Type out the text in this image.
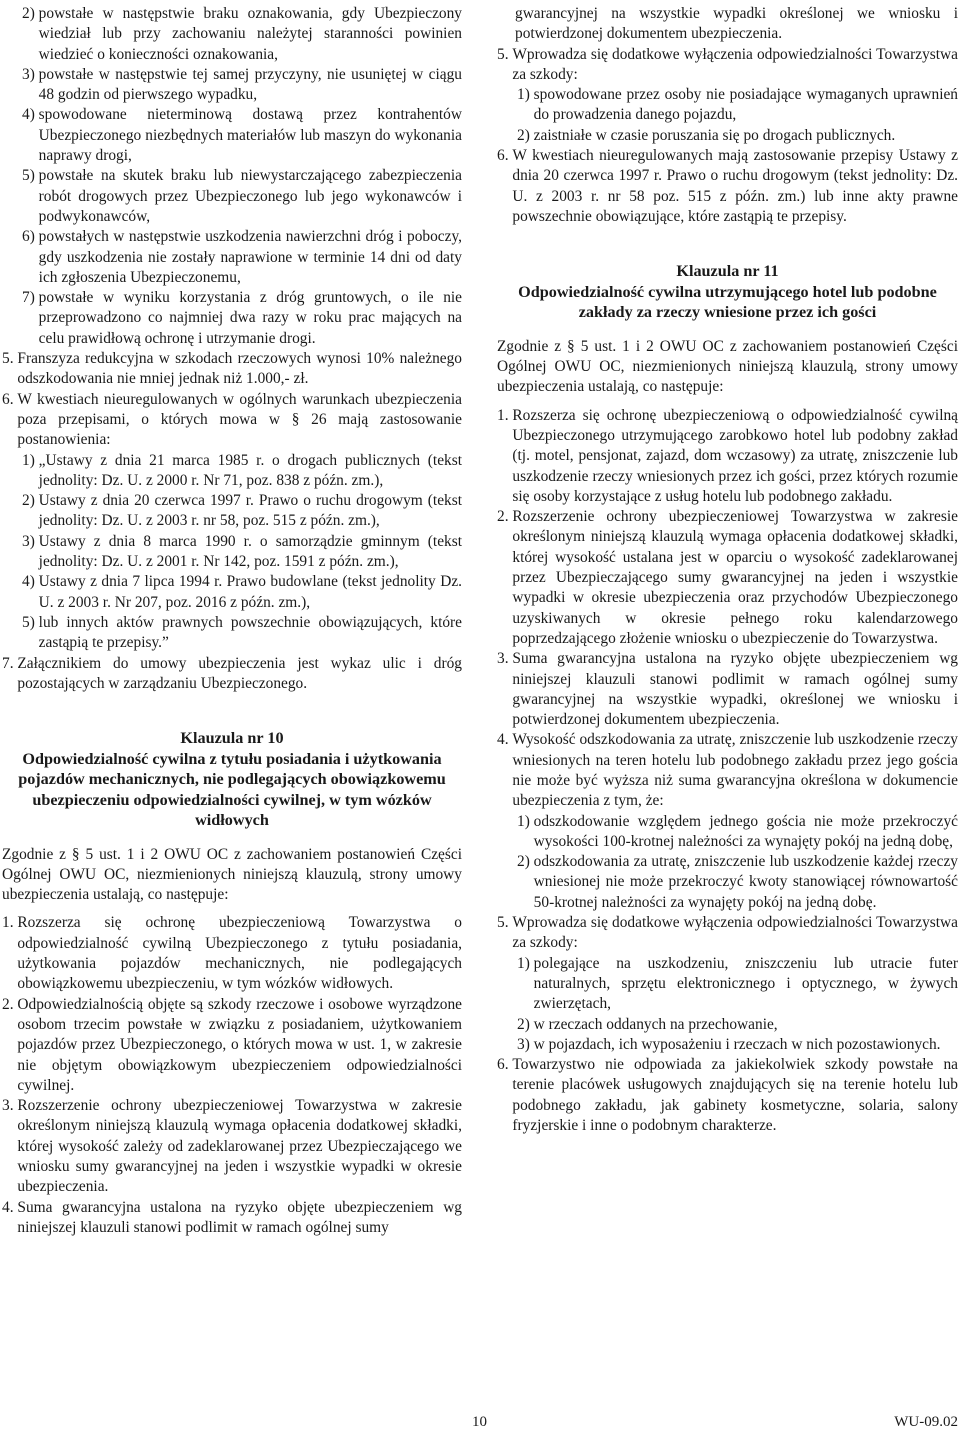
2) powstałe w następstwie braku oznakowania, gdy Ubezpieczony wiedział lub przy zachowaniu należytej staranności powinien wiedzieć o konieczności oznakowania,
3) powstałe w następstwie tej samej przyczyny, nie usuniętej w ciągu 48 godzin od pierwszego wypadku,
4) spowodowane nieterminową dostawą przez kontrahentów Ubezpieczonego niezbędnych materiałów lub maszyn do wykonania naprawy drogi,
5) powstałe na skutek braku lub niewystarczającego zabezpieczenia robót drogowych przez Ubezpieczonego lub jego wykonawców i podwykonawców,
6) powstałych w następstwie uszkodzenia nawierzchni dróg i poboczy, gdy uszkodzenia nie zostały naprawione w terminie 14 dni od daty ich zgłoszenia Ubezpieczonemu,
7) powstałe w wyniku korzystania z dróg gruntowych, o ile nie przeprowadzono co najmniej dwa razy w roku prac mających na celu prawidłową ochronę i utrzymanie drogi.
5. Franszyza redukcyjna w szkodach rzeczowych wynosi 10% należnego odszkodowania nie mniej jednak niż 1.000,- zł.
6. W kwestiach nieuregulowanych w ogólnych warunkach ubezpieczenia poza przepisami, o których mowa w § 26 mają zastosowanie postanowienia:
1) „Ustawy z dnia 21 marca 1985 r. o drogach publicznych (tekst jednolity: Dz. U. z 2000 r. Nr 71, poz. 838 z późn. zm.),
2) Ustawy z dnia 20 czerwca 1997 r. Prawo o ruchu drogowym (tekst jednolity: Dz. U. z 2003 r. nr 58, poz. 515 z późn. zm.),
3) Ustawy z dnia 8 marca 1990 r. o samorządzie gminnym (tekst jednolity: Dz. U. z 2001 r. Nr 142, poz. 1591 z późn. zm.),
4) Ustawy z dnia 7 lipca 1994 r. Prawo budowlane (tekst jednolity Dz. U. z 2003 r. Nr 207, poz. 2016 z późn. zm.),
5) lub innych aktów prawnych powszechnie obowiązujących, które zastąpią te przepisy.”
7. Załącznikiem do umowy ubezpieczenia jest wykaz ulic i dróg pozostających w zarządzaniu Ubezpieczonego.
Klauzula nr 10
Odpowiedzialność cywilna z tytułu posiadania i użytkowania pojazdów mechanicznych, nie podlegających obowiązkowemu ubezpieczeniu odpowiedzialności cywilnej, w tym wózków widłowych
Zgodnie z § 5 ust. 1 i 2 OWU OC z zachowaniem postanowień Części Ogólnej OWU OC, niezmienionych niniejszą klauzulą, strony umowy ubezpieczenia ustalają, co następuje:
1. Rozszerza się ochronę ubezpieczeniową Towarzystwa o odpowiedzialność cywilną Ubezpieczonego z tytułu posiadania, użytkowania pojazdów mechanicznych, nie podlegających obowiązkowemu ubezpieczeniu, w tym wózków widłowych.
2. Odpowiedzialnością objęte są szkody rzeczowe i osobowe wyrządzone osobom trzecim powstałe w związku z posiadaniem, użytkowaniem pojazdów przez Ubezpieczonego, o których mowa w ust. 1, w zakresie nie objętym obowiązkowym ubezpieczeniem odpowiedzialności cywilnej.
3. Rozszerzenie ochrony ubezpieczeniowej Towarzystwa w zakresie określonym niniejszą klauzulą wymaga opłacenia dodatkowej składki, której wysokość zależy od zadeklarowanej przez Ubezpieczającego we wniosku sumy gwarancyjnej na jeden i wszystkie wypadki w okresie ubezpieczenia.
4. Suma gwarancyjna ustalona na ryzyko objęte ubezpieczeniem wg niniejszej klauzuli stanowi podlimit w ramach ogólnej sumy
gwarancyjnej na wszystkie wypadki określonej we wniosku i potwierdzonej dokumentem ubezpieczenia.
5. Wprowadza się dodatkowe wyłączenia odpowiedzialności Towarzystwa za szkody:
1) spowodowane przez osoby nie posiadające wymaganych uprawnień do prowadzenia danego pojazdu,
2) zaistniałe w czasie poruszania się po drogach publicznych.
6. W kwestiach nieuregulowanych mają zastosowanie przepisy Ustawy z dnia 20 czerwca 1997 r. Prawo o ruchu drogowym (tekst jednolity: Dz. U. z 2003 r. nr 58 poz. 515 z późn. zm.) lub inne akty prawne powszechnie obowiązujące, które zastąpią te przepisy.
Klauzula nr 11
Odpowiedzialność cywilna utrzymującego hotel lub podobne zakłady za rzeczy wniesione przez ich gości
Zgodnie z § 5 ust. 1 i 2 OWU OC z zachowaniem postanowień Części Ogólnej OWU OC, niezmienionych niniejszą klauzulą, strony umowy ubezpieczenia ustalają, co następuje:
1. Rozszerza się ochronę ubezpieczeniową o odpowiedzialność cywilną Ubezpieczonego utrzymującego zarobkowo hotel lub podobny zakład (tj. motel, pensjonat, zajazd, dom wczasowy) za utratę, zniszczenie lub uszkodzenie rzeczy wniesionych przez ich gości, przez których rozumie się osoby korzystające z usług hotelu lub podobnego zakładu.
2. Rozszerzenie ochrony ubezpieczeniowej Towarzystwa w zakresie określonym niniejszą klauzulą wymaga opłacenia dodatkowej składki, której wysokość ustalana jest w oparciu o wysokość zadeklarowanej przez Ubezpieczającego sumy gwarancyjnej na jeden i wszystkie wypadki w okresie ubezpieczenia oraz przychodów Ubezpieczonego uzyskiwanych w okresie pełnego roku kalendarzowego poprzedzającego złożenie wniosku o ubezpieczenie do Towarzystwa.
3. Suma gwarancyjna ustalona na ryzyko objęte ubezpieczeniem wg niniejszej klauzuli stanowi podlimit w ramach ogólnej sumy gwarancyjnej na wszystkie wypadki, określonej we wniosku i potwierdzonej dokumentem ubezpieczenia.
4. Wysokość odszkodowania za utratę, zniszczenie lub uszkodzenie rzeczy wniesionych na teren hotelu lub podobnego zakładu przez jego gościa nie może być wyższa niż suma gwarancyjna określona w dokumencie ubezpieczenia z tym, że:
1) odszkodowanie względem jednego gościa nie może przekroczyć wysokości 100-krotnej należności za wynajęty pokój na jedną dobę,
2) odszkodowania za utratę, zniszczenie lub uszkodzenie każdej rzeczy wniesionej nie może przekroczyć kwoty stanowiącej równowartość 50-krotnej należności za wynajęty pokój na jedną dobę.
5. Wprowadza się dodatkowe wyłączenia odpowiedzialności Towarzystwa za szkody:
1) polegające na uszkodzeniu, zniszczeniu lub utracie futer naturalnych, sprzętu elektronicznego i optycznego, w żywych zwierzętach,
2) w rzeczach oddanych na przechowanie,
3) w pojazdach, ich wyposażeniu i rzeczach w nich pozostawionych.
6. Towarzystwo nie odpowiada za jakiekolwiek szkody powstałe na terenie placówek usługowych znajdujących się na terenie hotelu lub podobnego zakładu, jak gabinety kosmetyczne, solaria, salony fryzjerskie i inne o podobnym charakterze.
10	WU-09.02
